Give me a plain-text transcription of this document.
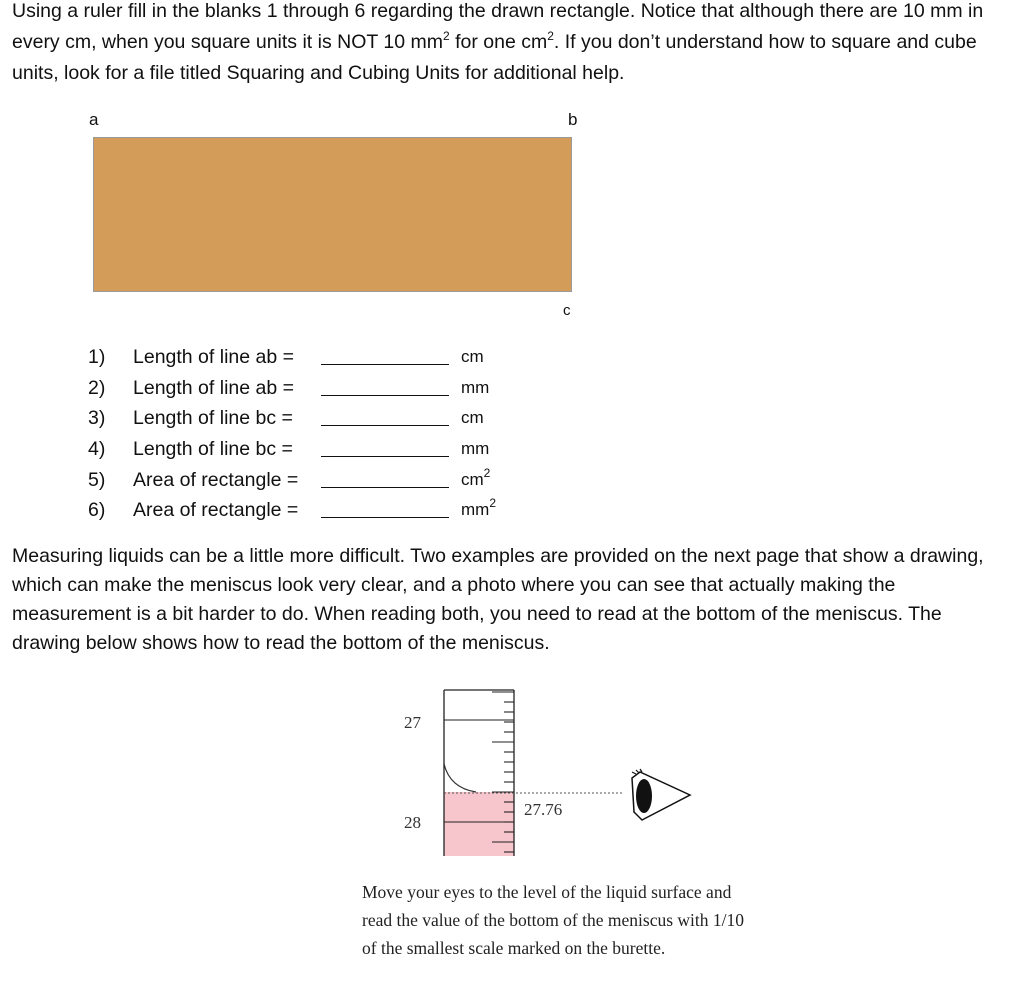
Using a ruler fill in the blanks 1 through 6 regarding the drawn rectangle. Notice that although there are 10 mm in every cm, when you square units it is NOT 10 $mm^2$ for one $cm^2$. If you don’t understand how to square and cube units, look for a file titled Squaring and Cubing Units for additional help.

a	b
c
1) Length of line ab =	cm
2) Length of line ab =	mm
3) Length of line bc =	cm
4) Length of line bc =	mm
5) Area of rectangle =	$cm^2$
6) Area of rectangle =	$mm^2$

Measuring liquids can be a little more difficult. Two examples are provided on the next page that show a drawing, which can make the meniscus look very clear, and a photo where you can see that actually making the measurement is a bit harder to do. When reading both, you need to read at the bottom of the meniscus. The drawing below shows how to read the bottom of the meniscus.

27
28
27.76
Move your eyes to the level of the liquid surface and read the value of the bottom of the meniscus with 1/10 of the smallest scale marked on the burette.
